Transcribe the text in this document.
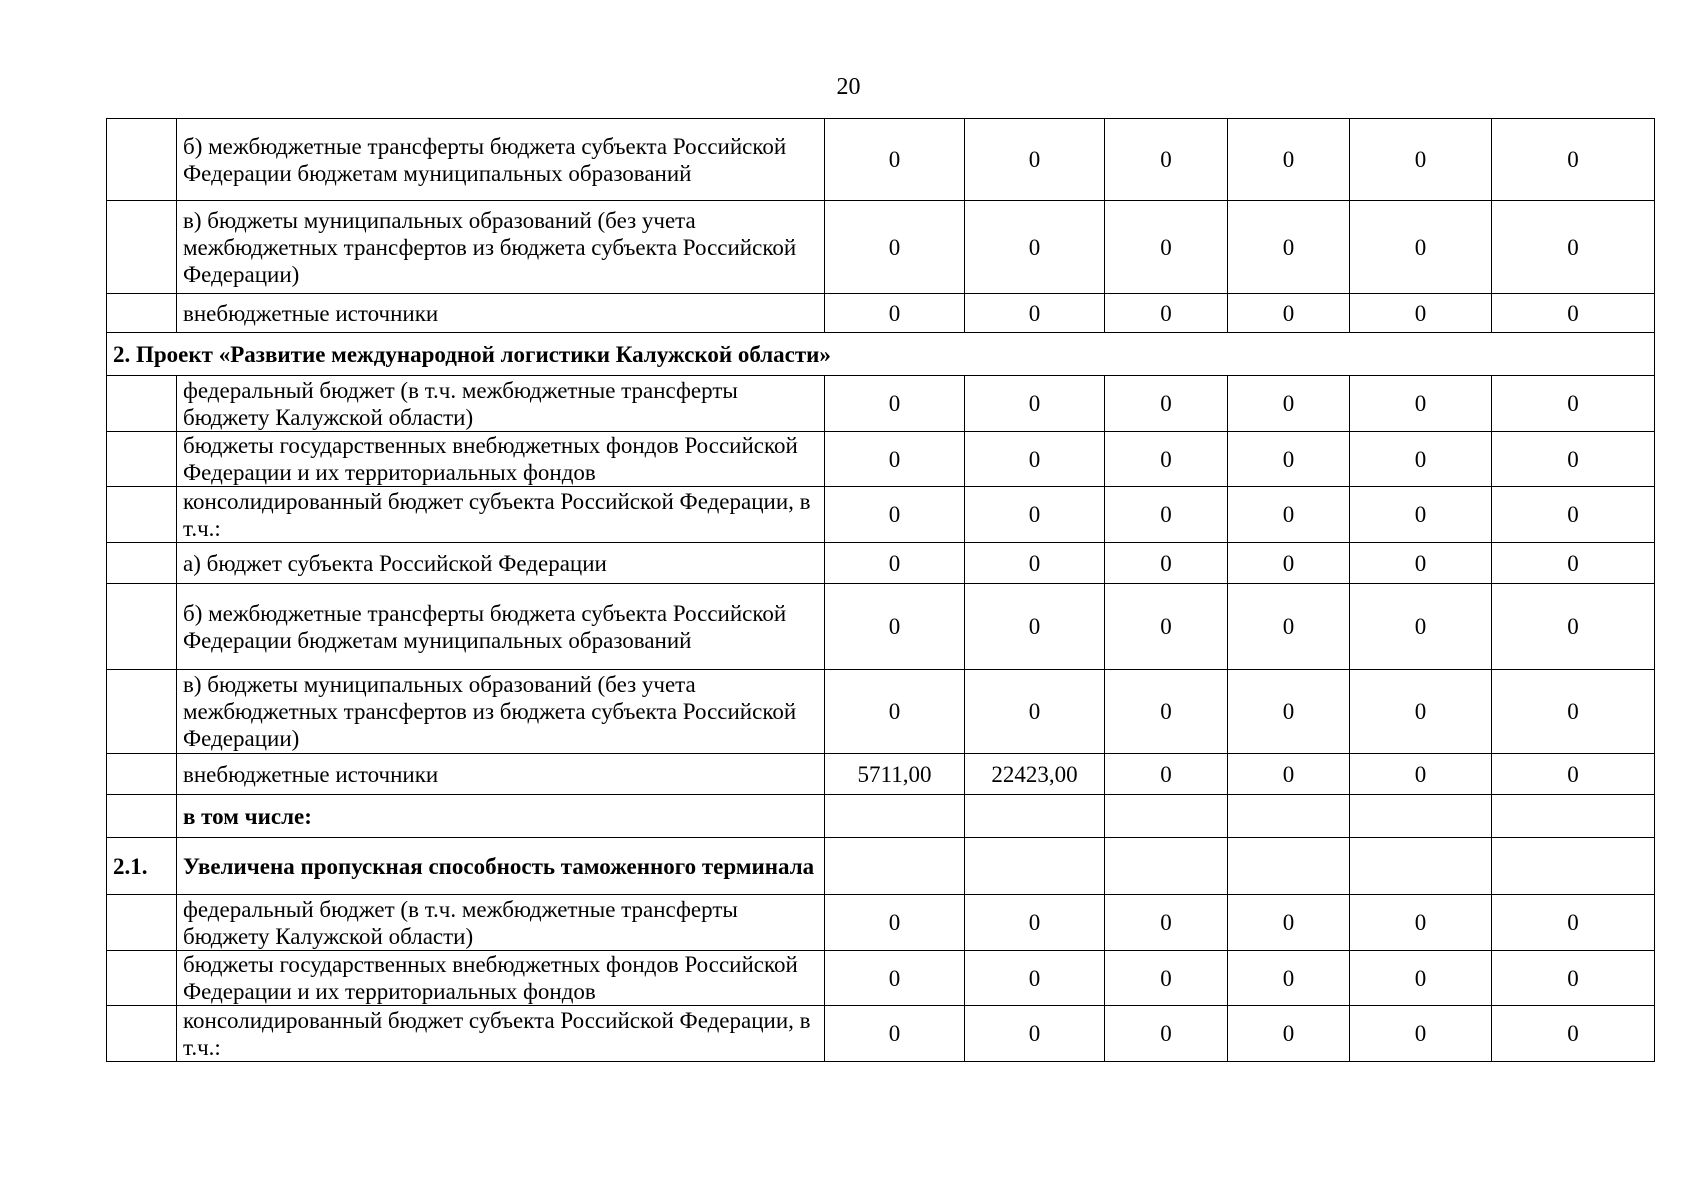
20
	б) межбюджетные трансферты бюджета субъекта Российской Федерации бюджетам муниципальных образований	0	0	0	0	0	0
	в) бюджеты муниципальных образований (без учета межбюджетных трансфертов из бюджета субъекта Российской Федерации)	0	0	0	0	0	0
	внебюджетные источники	0	0	0	0	0	0
2. Проект «Развитие международной логистики Калужской области»							
	федеральный бюджет (в т.ч. межбюджетные трансферты бюджету Калужской области)	0	0	0	0	0	0
	бюджеты государственных внебюджетных фондов Российской Федерации и их территориальных фондов	0	0	0	0	0	0
	консолидированный бюджет субъекта Российской Федерации, в т.ч.:	0	0	0	0	0	0
	а) бюджет субъекта Российской Федерации	0	0	0	0	0	0
	б) межбюджетные трансферты бюджета субъекта Российской Федерации бюджетам муниципальных образований	0	0	0	0	0	0
	в) бюджеты муниципальных образований (без учета межбюджетных трансфертов из бюджета субъекта Российской Федерации)	0	0	0	0	0	0
	внебюджетные источники	5711,00	22423,00	0	0	0	0
	в том числе:						
2.1.	Увеличена пропускная способность таможенного терминала						
	федеральный бюджет (в т.ч. межбюджетные трансферты бюджету Калужской области)	0	0	0	0	0	0
	бюджеты государственных внебюджетных фондов Российской Федерации и их территориальных фондов	0	0	0	0	0	0
	консолидированный бюджет субъекта Российской Федерации, в т.ч.:	0	0	0	0	0	0
